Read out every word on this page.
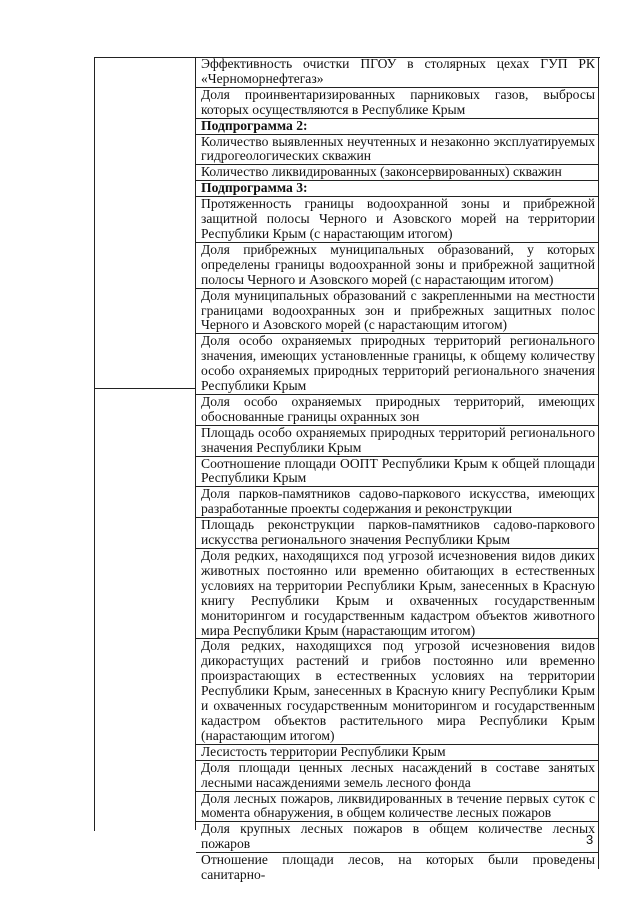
Эффективность очистки ПГОУ в столярных цехах ГУП РК «Черноморнефтегаз»
Доля проинвентаризированных парниковых газов, выбросы которых осуществляются в Республике Крым
Подпрограмма 2:
Количество выявленных неучтенных и незаконно эксплуатируемых гидрогеологических скважин
Количество ликвидированных (законсервированных) скважин
Подпрограмма 3:
Протяженность границы водоохранной зоны и прибрежной защитной полосы Черного и Азовского морей на территории Республики Крым (с нарастающим итогом)
Доля прибрежных муниципальных образований, у которых определены границы водоохранной зоны и прибрежной защитной полосы Черного и Азовского морей (с нарастающим итогом)
Доля муниципальных образований с закрепленными на местности границами водоохранных зон и прибрежных защитных полос Черного и Азовского морей (с нарастающим итогом)
Доля особо охраняемых природных территорий регионального значения, имеющих установленные границы, к общему количеству особо охраняемых природных территорий регионального значения Республики Крым
Доля особо охраняемых природных территорий, имеющих обоснованные границы охранных зон
Площадь особо охраняемых природных территорий регионального значения Республики Крым
Соотношение площади ООПТ Республики Крым к общей площади Республики Крым
Доля парков-памятников садово-паркового искусства, имеющих разработанные проекты содержания и реконструкции
Площадь реконструкции парков-памятников садово-паркового искусства регионального значения Республики Крым
Доля редких, находящихся под угрозой исчезновения видов диких животных постоянно или временно обитающих в естественных условиях на территории Республики Крым, занесенных в Красную книгу Республики Крым и охваченных государственным мониторингом и государственным кадастром объектов животного мира Республики Крым (нарастающим итогом)
Доля редких, находящихся под угрозой исчезновения видов дикорастущих растений и грибов постоянно или временно произрастающих в естественных условиях на территории Республики Крым, занесенных в Красную книгу Республики Крым и охваченных государственным мониторингом и государственным кадастром объектов растительного мира Республики Крым (нарастающим итогом)
Лесистость территории Республики Крым
Доля площади ценных лесных насаждений в составе занятых лесными насаждениями земель лесного фонда
Доля лесных пожаров, ликвидированных в течение первых суток с момента обнаружения, в общем количестве лесных пожаров
Доля крупных лесных пожаров в общем количестве лесных пожаров
Отношение площади лесов, на которых были проведены санитарно-
3
